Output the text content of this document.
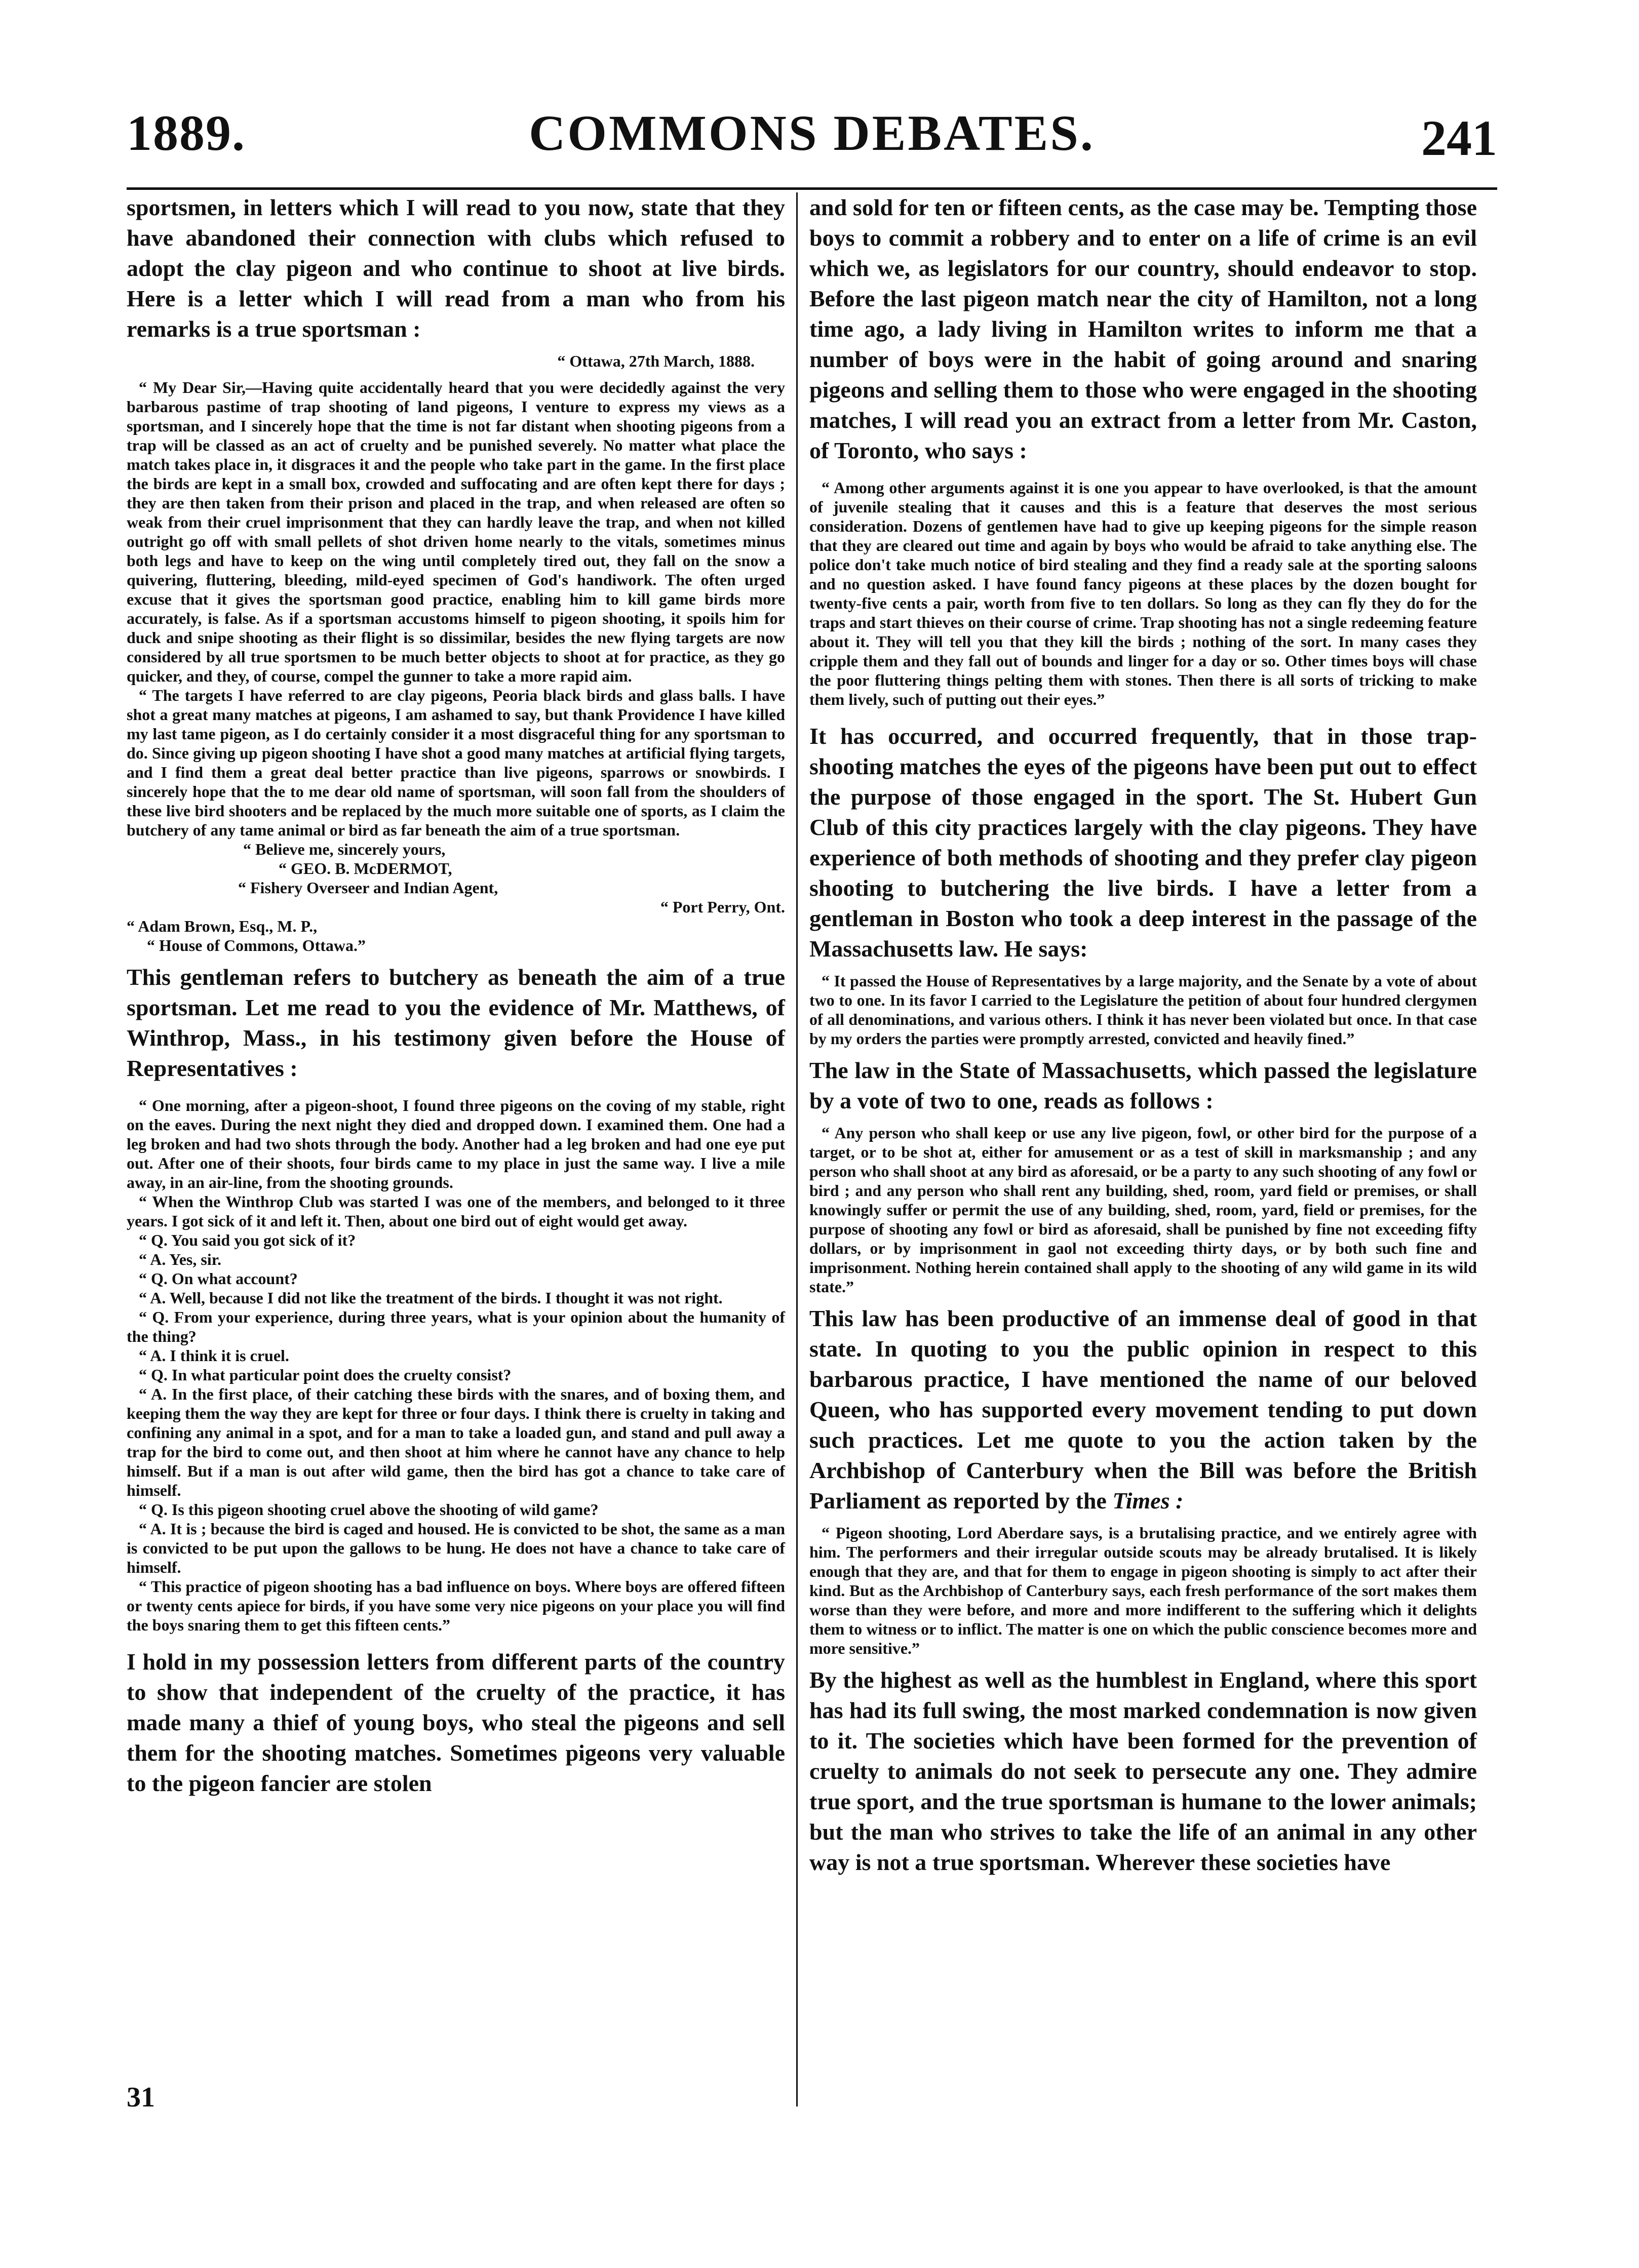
1889.	COMMONS DEBATES.	241

sportsmen, in letters which I will read to you now, state that they have abandoned their connection with clubs which refused to adopt the clay pigeon and who continue to shoot at live birds. Here is a letter which I will read from a man who from his remarks is a true sportsman :

“ Ottawa, 27th March, 1888.

“ My Dear Sir,—Having quite accidentally heard that you were decidedly against the very barbarous pastime of trap shooting of land pigeons, I venture to express my views as a sportsman, and I sincerely hope that the time is not far distant when shooting pigeons from a trap will be classed as an act of cruelty and be punished severely. No matter what place the match takes place in, it disgraces it and the people who take part in the game. In the first place the birds are kept in a small box, crowded and suffocating and are often kept there for days ; they are then taken from their prison and placed in the trap, and when released are often so weak from their cruel imprisonment that they can hardly leave the trap, and when not killed outright go off with small pellets of shot driven home nearly to the vitals, sometimes minus both legs and have to keep on the wing until completely tired out, they fall on the snow a quivering, fluttering, bleeding, mild-eyed specimen of God's handiwork. The often urged excuse that it gives the sportsman good practice, enabling him to kill game birds more accurately, is false. As if a sportsman accustoms himself to pigeon shooting, it spoils him for duck and snipe shooting as their flight is so dissimilar, besides the new flying targets are now considered by all true sportsmen to be much better objects to shoot at for practice, as they go quicker, and they, of course, compel the gunner to take a more rapid aim.

“ The targets I have referred to are clay pigeons, Peoria black birds and glass balls. I have shot a great many matches at pigeons, I am ashamed to say, but thank Providence I have killed my last tame pigeon, as I do certainly consider it a most disgraceful thing for any sportsman to do. Since giving up pigeon shooting I have shot a good many matches at artificial flying targets, and I find them a great deal better practice than live pigeons, sparrows or snowbirds. I sincerely hope that the to me dear old name of sportsman, will soon fall from the shoulders of these live bird shooters and be replaced by the much more suitable one of sports, as I claim the butchery of any tame animal or bird as far beneath the aim of a true sportsman.

“ Believe me, sincerely yours,

“ GEO. B. McDERMOT,

“ Fishery Overseer and Indian Agent,

“ Port Perry, Ont.

“ Adam Brown, Esq., M. P.,

“ House of Commons, Ottawa.”

This gentleman refers to butchery as beneath the aim of a true sportsman. Let me read to you the evidence of Mr. Matthews, of Winthrop, Mass., in his testimony given before the House of Representatives :

“ One morning, after a pigeon-shoot, I found three pigeons on the coving of my stable, right on the eaves. During the next night they died and dropped down. I examined them. One had a leg broken and had two shots through the body. Another had a leg broken and had one eye put out. After one of their shoots, four birds came to my place in just the same way. I live a mile away, in an air-line, from the shooting grounds.

“ When the Winthrop Club was started I was one of the members, and belonged to it three years. I got sick of it and left it. Then, about one bird out of eight would get away.

“ Q. You said you got sick of it?

“ A. Yes, sir.

“ Q. On what account?

“ A. Well, because I did not like the treatment of the birds. I thought it was not right.

“ Q. From your experience, during three years, what is your opinion about the humanity of the thing?

“ A. I think it is cruel.

“ Q. In what particular point does the cruelty consist?

“ A. In the first place, of their catching these birds with the snares, and of boxing them, and keeping them the way they are kept for three or four days. I think there is cruelty in taking and confining any animal in a spot, and for a man to take a loaded gun, and stand and pull away a trap for the bird to come out, and then shoot at him where he cannot have any chance to help himself. But if a man is out after wild game, then the bird has got a chance to take care of himself.

“ Q. Is this pigeon shooting cruel above the shooting of wild game?

“ A. It is ; because the bird is caged and housed. He is convicted to be shot, the same as a man is convicted to be put upon the gallows to be hung. He does not have a chance to take care of himself.

“ This practice of pigeon shooting has a bad influence on boys. Where boys are offered fifteen or twenty cents apiece for birds, if you have some very nice pigeons on your place you will find the boys snaring them to get this fifteen cents.”

I hold in my possession letters from different parts of the country to show that independent of the cruelty of the practice, it has made many a thief of young boys, who steal the pigeons and sell them for the shooting matches. Sometimes pigeons very valuable to the pigeon fancier are stolen

31

and sold for ten or fifteen cents, as the case may be. Tempting those boys to commit a robbery and to enter on a life of crime is an evil which we, as legislators for our country, should endeavor to stop. Before the last pigeon match near the city of Hamilton, not a long time ago, a lady living in Hamilton writes to inform me that a number of boys were in the habit of going around and snaring pigeons and selling them to those who were engaged in the shooting matches, I will read you an extract from a letter from Mr. Caston, of Toronto, who says :

“ Among other arguments against it is one you appear to have overlooked, is that the amount of juvenile stealing that it causes and this is a feature that deserves the most serious consideration. Dozens of gentlemen have had to give up keeping pigeons for the simple reason that they are cleared out time and again by boys who would be afraid to take anything else. The police don't take much notice of bird stealing and they find a ready sale at the sporting saloons and no question asked. I have found fancy pigeons at these places by the dozen bought for twenty-five cents a pair, worth from five to ten dollars. So long as they can fly they do for the traps and start thieves on their course of crime. Trap shooting has not a single redeeming feature about it. They will tell you that they kill the birds ; nothing of the sort. In many cases they cripple them and they fall out of bounds and linger for a day or so. Other times boys will chase the poor fluttering things pelting them with stones. Then there is all sorts of tricking to make them lively, such of putting out their eyes.”

It has occurred, and occurred frequently, that in those trap-shooting matches the eyes of the pigeons have been put out to effect the purpose of those engaged in the sport. The St. Hubert Gun Club of this city practices largely with the clay pigeons. They have experience of both methods of shooting and they prefer clay pigeon shooting to butchering the live birds. I have a letter from a gentleman in Boston who took a deep interest in the passage of the Massachusetts law. He says:

“ It passed the House of Representatives by a large majority, and the Senate by a vote of about two to one. In its favor I carried to the Legislature the petition of about four hundred clergymen of all denominations, and various others. I think it has never been violated but once. In that case by my orders the parties were promptly arrested, convicted and heavily fined.”

The law in the State of Massachusetts, which passed the legislature by a vote of two to one, reads as follows :

“ Any person who shall keep or use any live pigeon, fowl, or other bird for the purpose of a target, or to be shot at, either for amusement or as a test of skill in marksmanship ; and any person who shall shoot at any bird as aforesaid, or be a party to any such shooting of any fowl or bird ; and any person who shall rent any building, shed, room, yard field or premises, or shall knowingly suffer or permit the use of any building, shed, room, yard, field or premises, for the purpose of shooting any fowl or bird as aforesaid, shall be punished by fine not exceeding fifty dollars, or by imprisonment in gaol not exceeding thirty days, or by both such fine and imprisonment. Nothing herein contained shall apply to the shooting of any wild game in its wild state.”

This law has been productive of an immense deal of good in that state. In quoting to you the public opinion in respect to this barbarous practice, I have mentioned the name of our beloved Queen, who has supported every movement tending to put down such practices. Let me quote to you the action taken by the Archbishop of Canterbury when the Bill was before the British Parliament as reported by the Times :

“ Pigeon shooting, Lord Aberdare says, is a brutalising practice, and we entirely agree with him. The performers and their irregular outside scouts may be already brutalised. It is likely enough that they are, and that for them to engage in pigeon shooting is simply to act after their kind. But as the Archbishop of Canterbury says, each fresh performance of the sort makes them worse than they were before, and more and more indifferent to the suffering which it delights them to witness or to inflict. The matter is one on which the public conscience becomes more and more sensitive.”

By the highest as well as the humblest in England, where this sport has had its full swing, the most marked condemnation is now given to it. The societies which have been formed for the prevention of cruelty to animals do not seek to persecute any one. They admire true sport, and the true sportsman is humane to the lower animals; but the man who strives to take the life of an animal in any other way is not a true sportsman. Wherever these societies have
